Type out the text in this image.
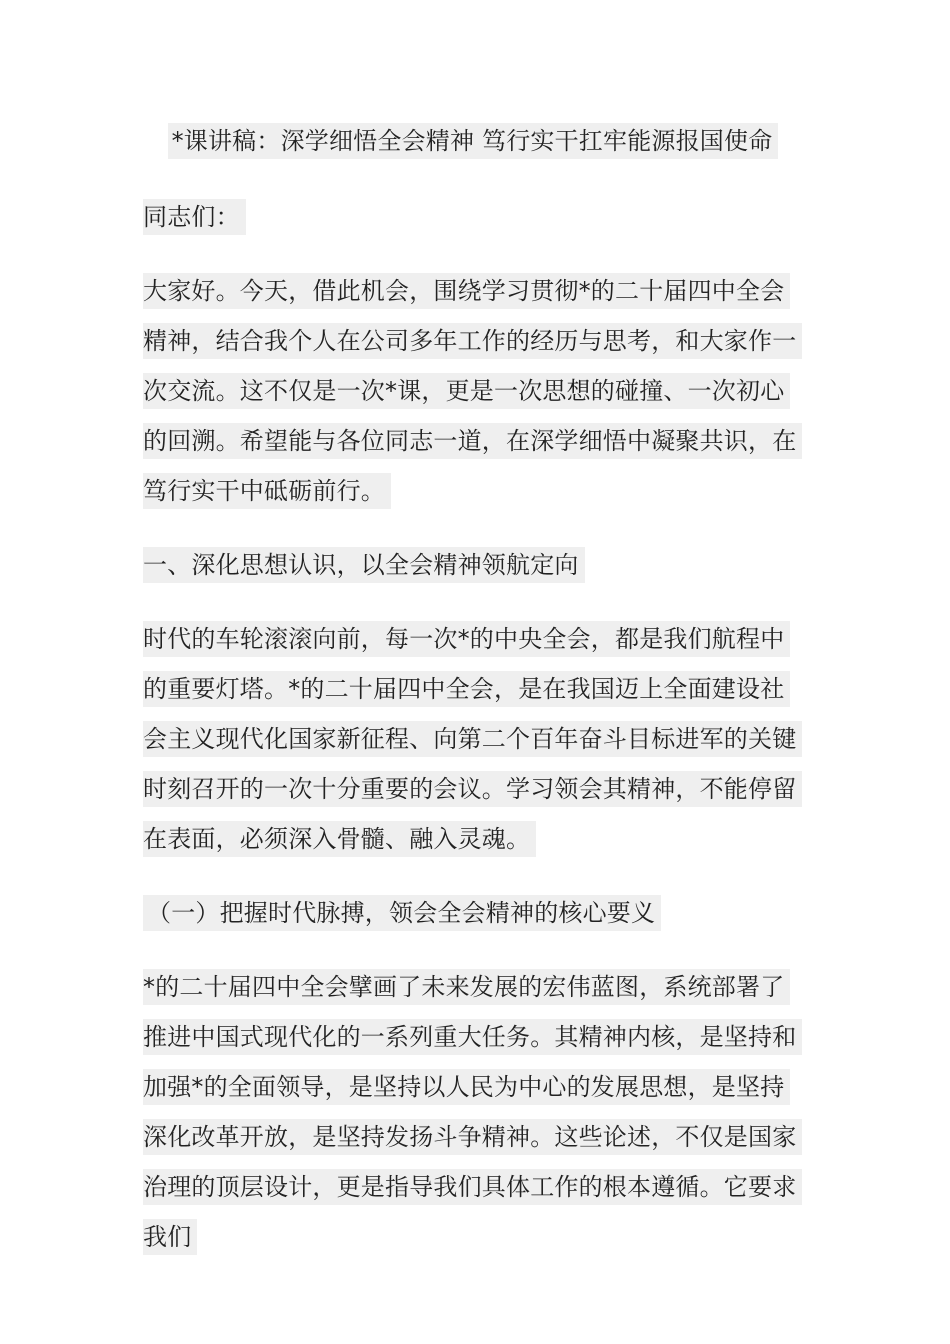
*课讲稿：深学细悟全会精神 笃行实干扛牢能源报国使命

同志们：

大家好。今天，借此机会，围绕学习贯彻*的二十届四中全会精神，结合我个人在公司多年工作的经历与思考，和大家作一次交流。这不仅是一次*课，更是一次思想的碰撞、一次初心的回溯。希望能与各位同志一道，在深学细悟中凝聚共识，在笃行实干中砥砺前行。

一、深化思想认识，以全会精神领航定向

时代的车轮滚滚向前，每一次*的中央全会，都是我们航程中的重要灯塔。*的二十届四中全会，是在我国迈上全面建设社会主义现代化国家新征程、向第二个百年奋斗目标进军的关键时刻召开的一次十分重要的会议。学习领会其精神，不能停留在表面，必须深入骨髓、融入灵魂。

（一）把握时代脉搏，领会全会精神的核心要义

*的二十届四中全会擘画了未来发展的宏伟蓝图，系统部署了推进中国式现代化的一系列重大任务。其精神内核，是坚持和加强*的全面领导，是坚持以人民为中心的发展思想，是坚持深化改革开放，是坚持发扬斗争精神。这些论述，不仅是国家治理的顶层设计，更是指导我们具体工作的根本遵循。它要求我们
